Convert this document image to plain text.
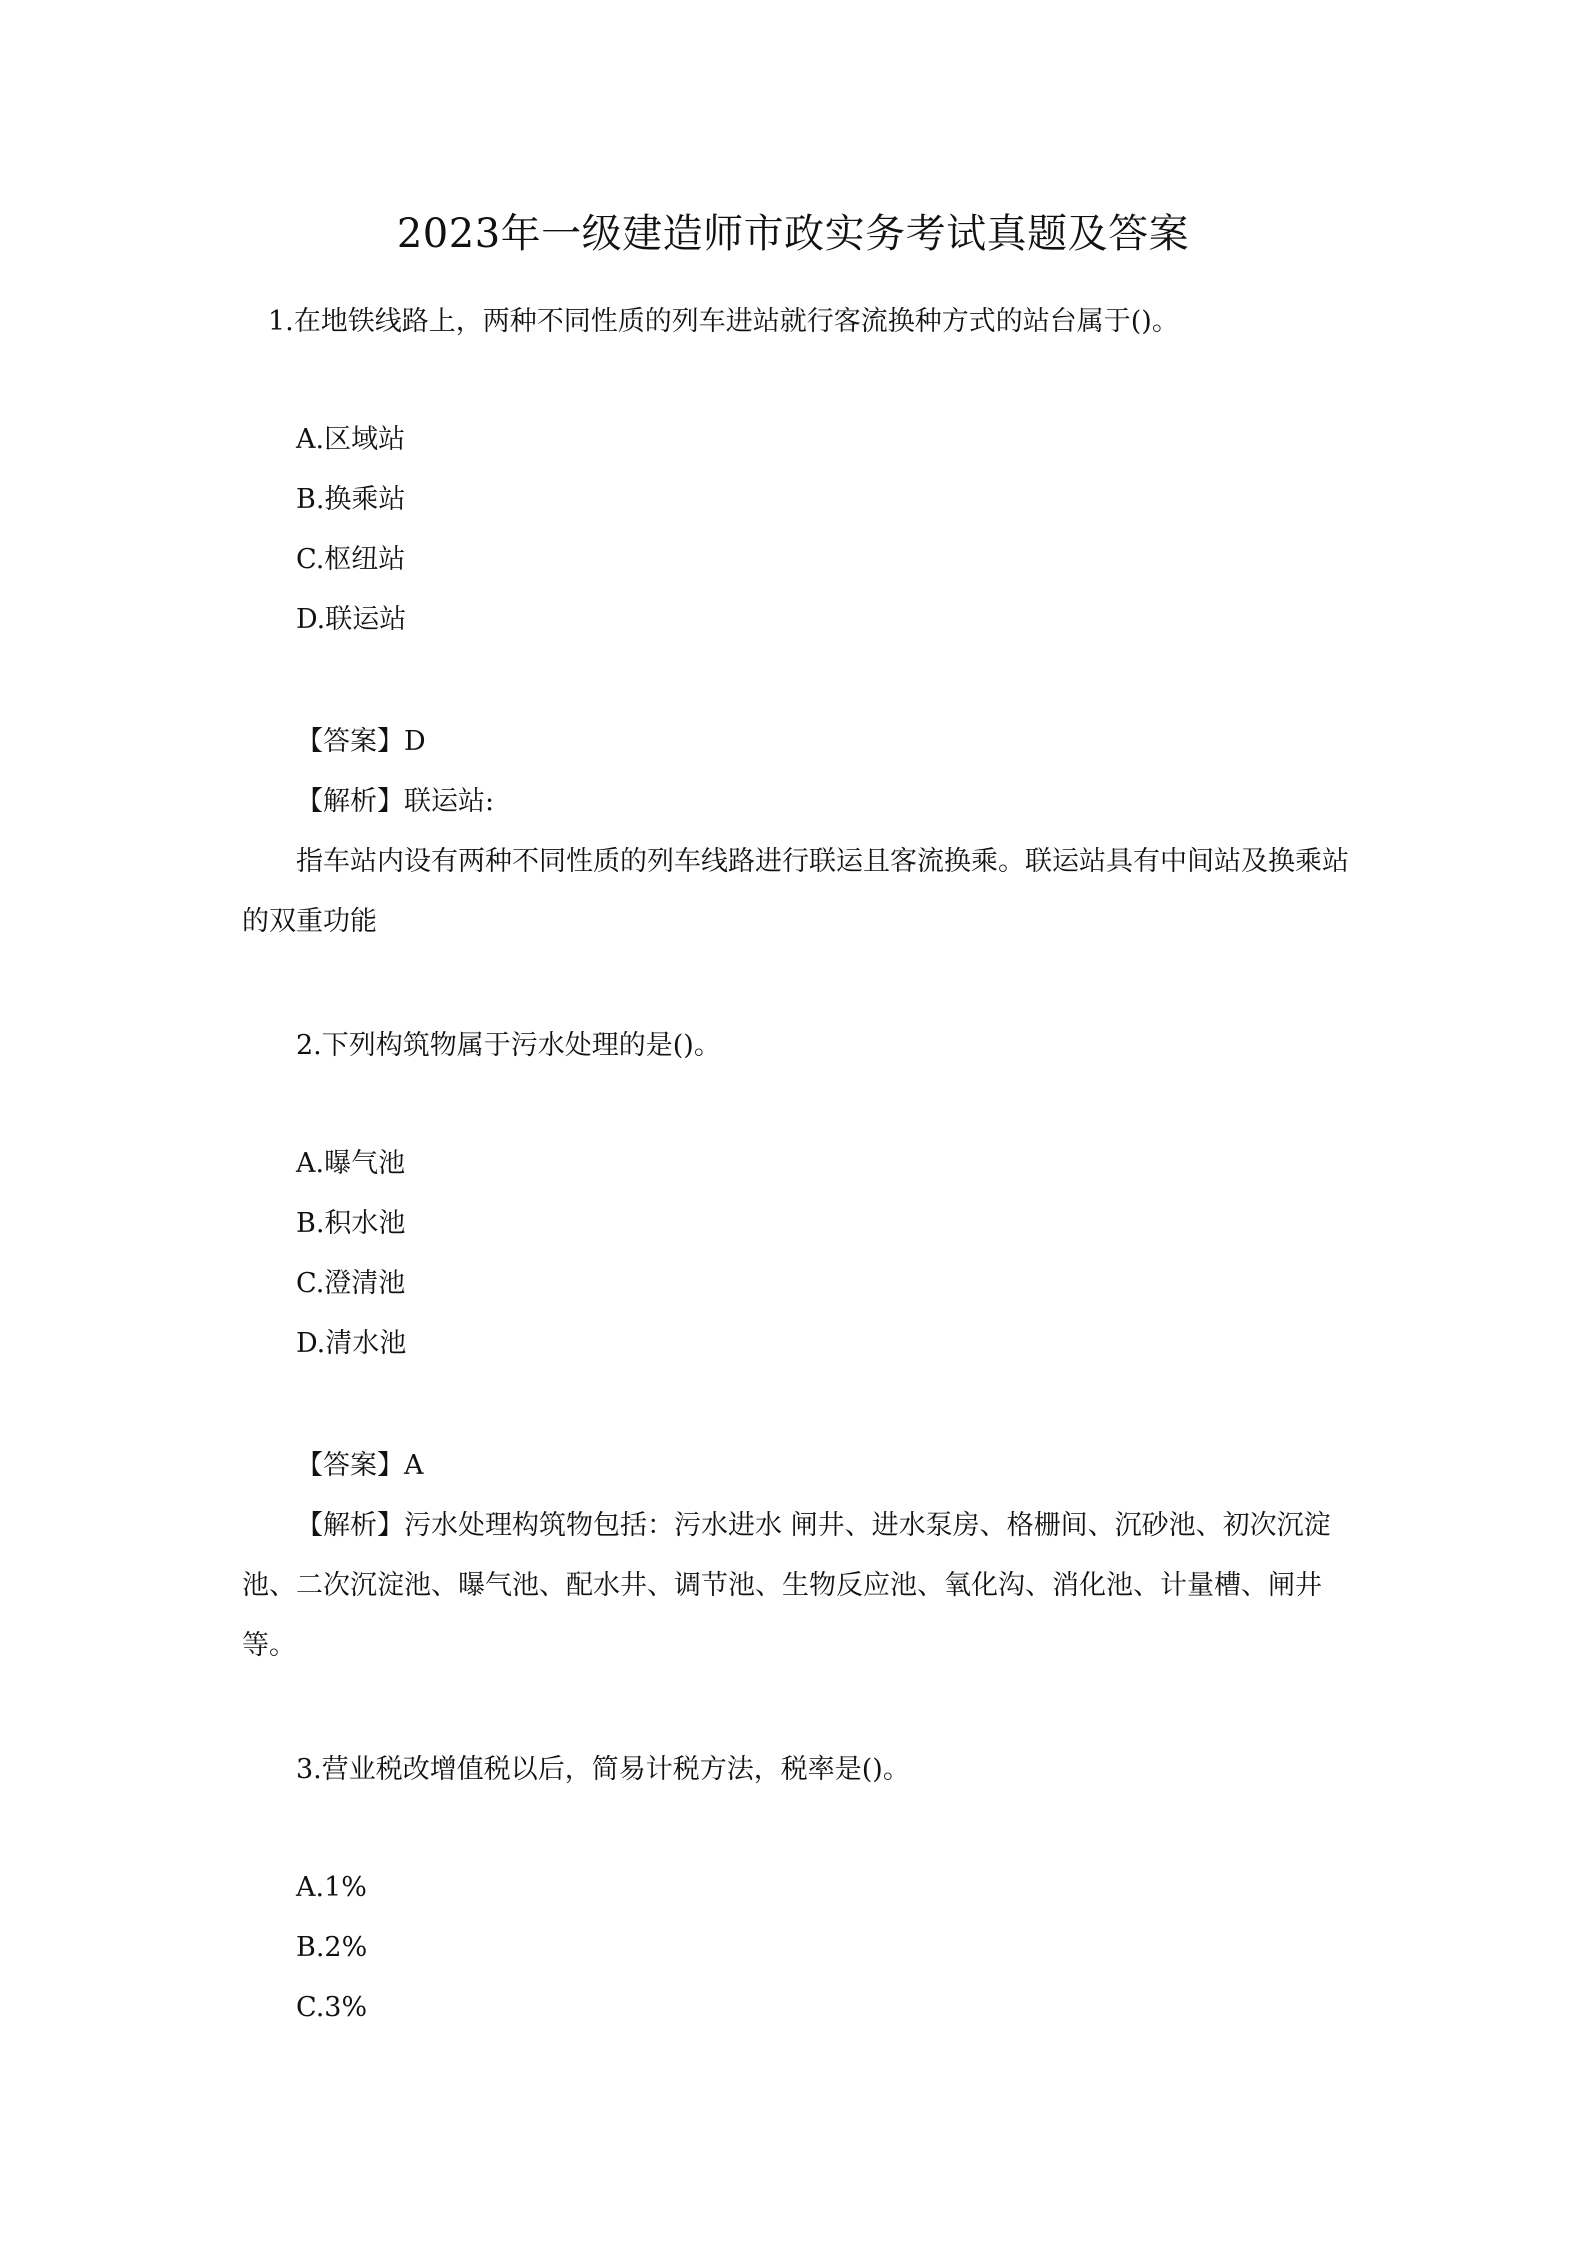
2023年一级建造师市政实务考试真题及答案
1.在地铁线路上，两种不同性质的列车进站就行客流换种方式的站台属于()。
A.区域站
B.换乘站
C.枢纽站
D.联运站
【答案】D
【解析】联运站:
指车站内设有两种不同性质的列车线路进行联运且客流换乘。联运站具有中间站及换乘站的双重功能
2.下列构筑物属于污水处理的是()。
A.曝气池
B.积水池
C.澄清池
D.清水池
【答案】A
【解析】污水处理构筑物包括：污水进水 闸井、进水泵房、格栅间、沉砂池、初次沉淀池、二次沉淀池、曝气池、配水井、调节池、生物反应池、氧化沟、消化池、计量槽、闸井等。
3.营业税改增值税以后，简易计税方法，税率是()。
A.1%
B.2%
C.3%
